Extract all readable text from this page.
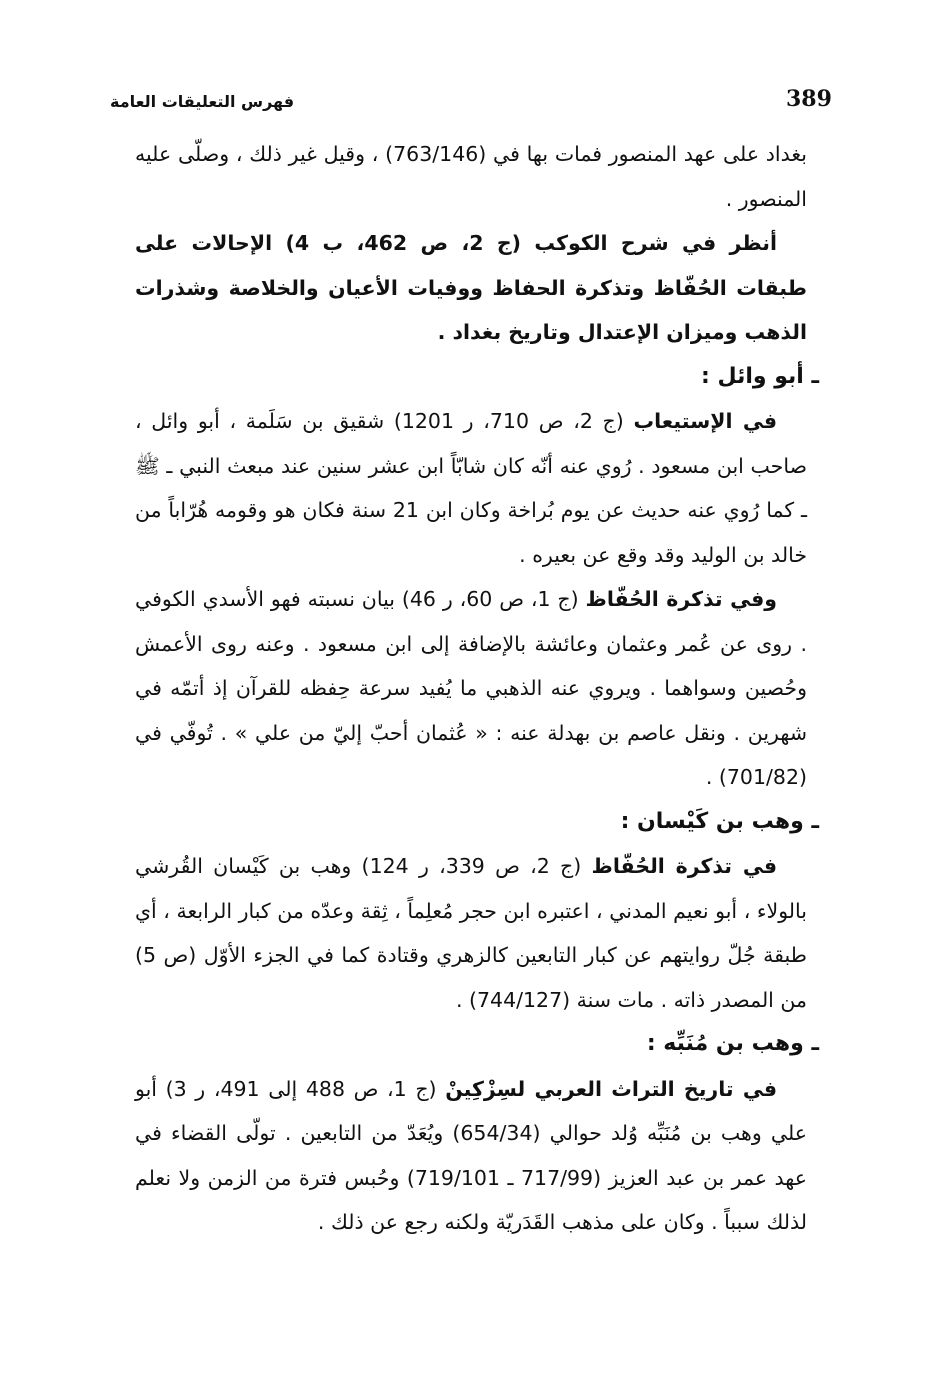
389
فهرس التعليقات العامة

بغداد على عهد المنصور فمات بها في (763/146) ، وقيل غير ذلك ، وصلّى عليه المنصور .

أنظر في شرح الكوكب (ج 2، ص 462، ب 4) الإحالات على طبقات الحُفّاظ وتذكرة الحفاظ ووفيات الأعيان والخلاصة وشذرات الذهب وميزان الإعتدال وتاريخ بغداد .

ـ أبو وائل :

في الإستيعاب (ج 2، ص 710، ر 1201) شقيق بن سَلَمة ، أبو وائل ، صاحب ابن مسعود . رُوي عنه أنّه كان شابّاً ابن عشر سنين عند مبعث النبي ـ ﷺ ـ كما رُوي عنه حديث عن يوم بُراخة وكان ابن 21 سنة فكان هو وقومه هُرّاباً من خالد بن الوليد وقد وقع عن بعيره .

وفي تذكرة الحُفّاظ (ج 1، ص 60، ر 46) بيان نسبته فهو الأسدي الكوفي . روى عن عُمر وعثمان وعائشة بالإضافة إلى ابن مسعود . وعنه روى الأعمش وحُصين وسواهما . ويروي عنه الذهبي ما يُفيد سرعة حِفظه للقرآن إذ أتمّه في شهرين . ونقل عاصم بن بهدلة عنه : « عُثمان أحبّ إليّ من علي » . تُوفّي في (701/82) .

ـ وهب بن كَيْسان :

في تذكرة الحُفّاظ (ج 2، ص 339، ر 124) وهب بن كَيْسان القُرشي بالولاء ، أبو نعيم المدني ، اعتبره ابن حجر مُعلِماً ، ثِقة وعدّه من كبار الرابعة ، أي طبقة جُلّ روايتهم عن كبار التابعين كالزهري وقتادة كما في الجزء الأوّل (ص 5) من المصدر ذاته . مات سنة (744/127) .

ـ وهب بن مُنَبِّه :

في تاريخ التراث العربي لسِزْكِينْ (ج 1، ص 488 إلى 491، ر 3) أبو علي وهب بن مُنَبِّه وُلد حوالي (654/34) ويُعَدّ من التابعين . تولّى القضاء في عهد عمر بن عبد العزيز (717/99 ـ 719/101) وحُبس فترة من الزمن ولا نعلم لذلك سبباً . وكان على مذهب القَدَريّة ولكنه رجع عن ذلك .
